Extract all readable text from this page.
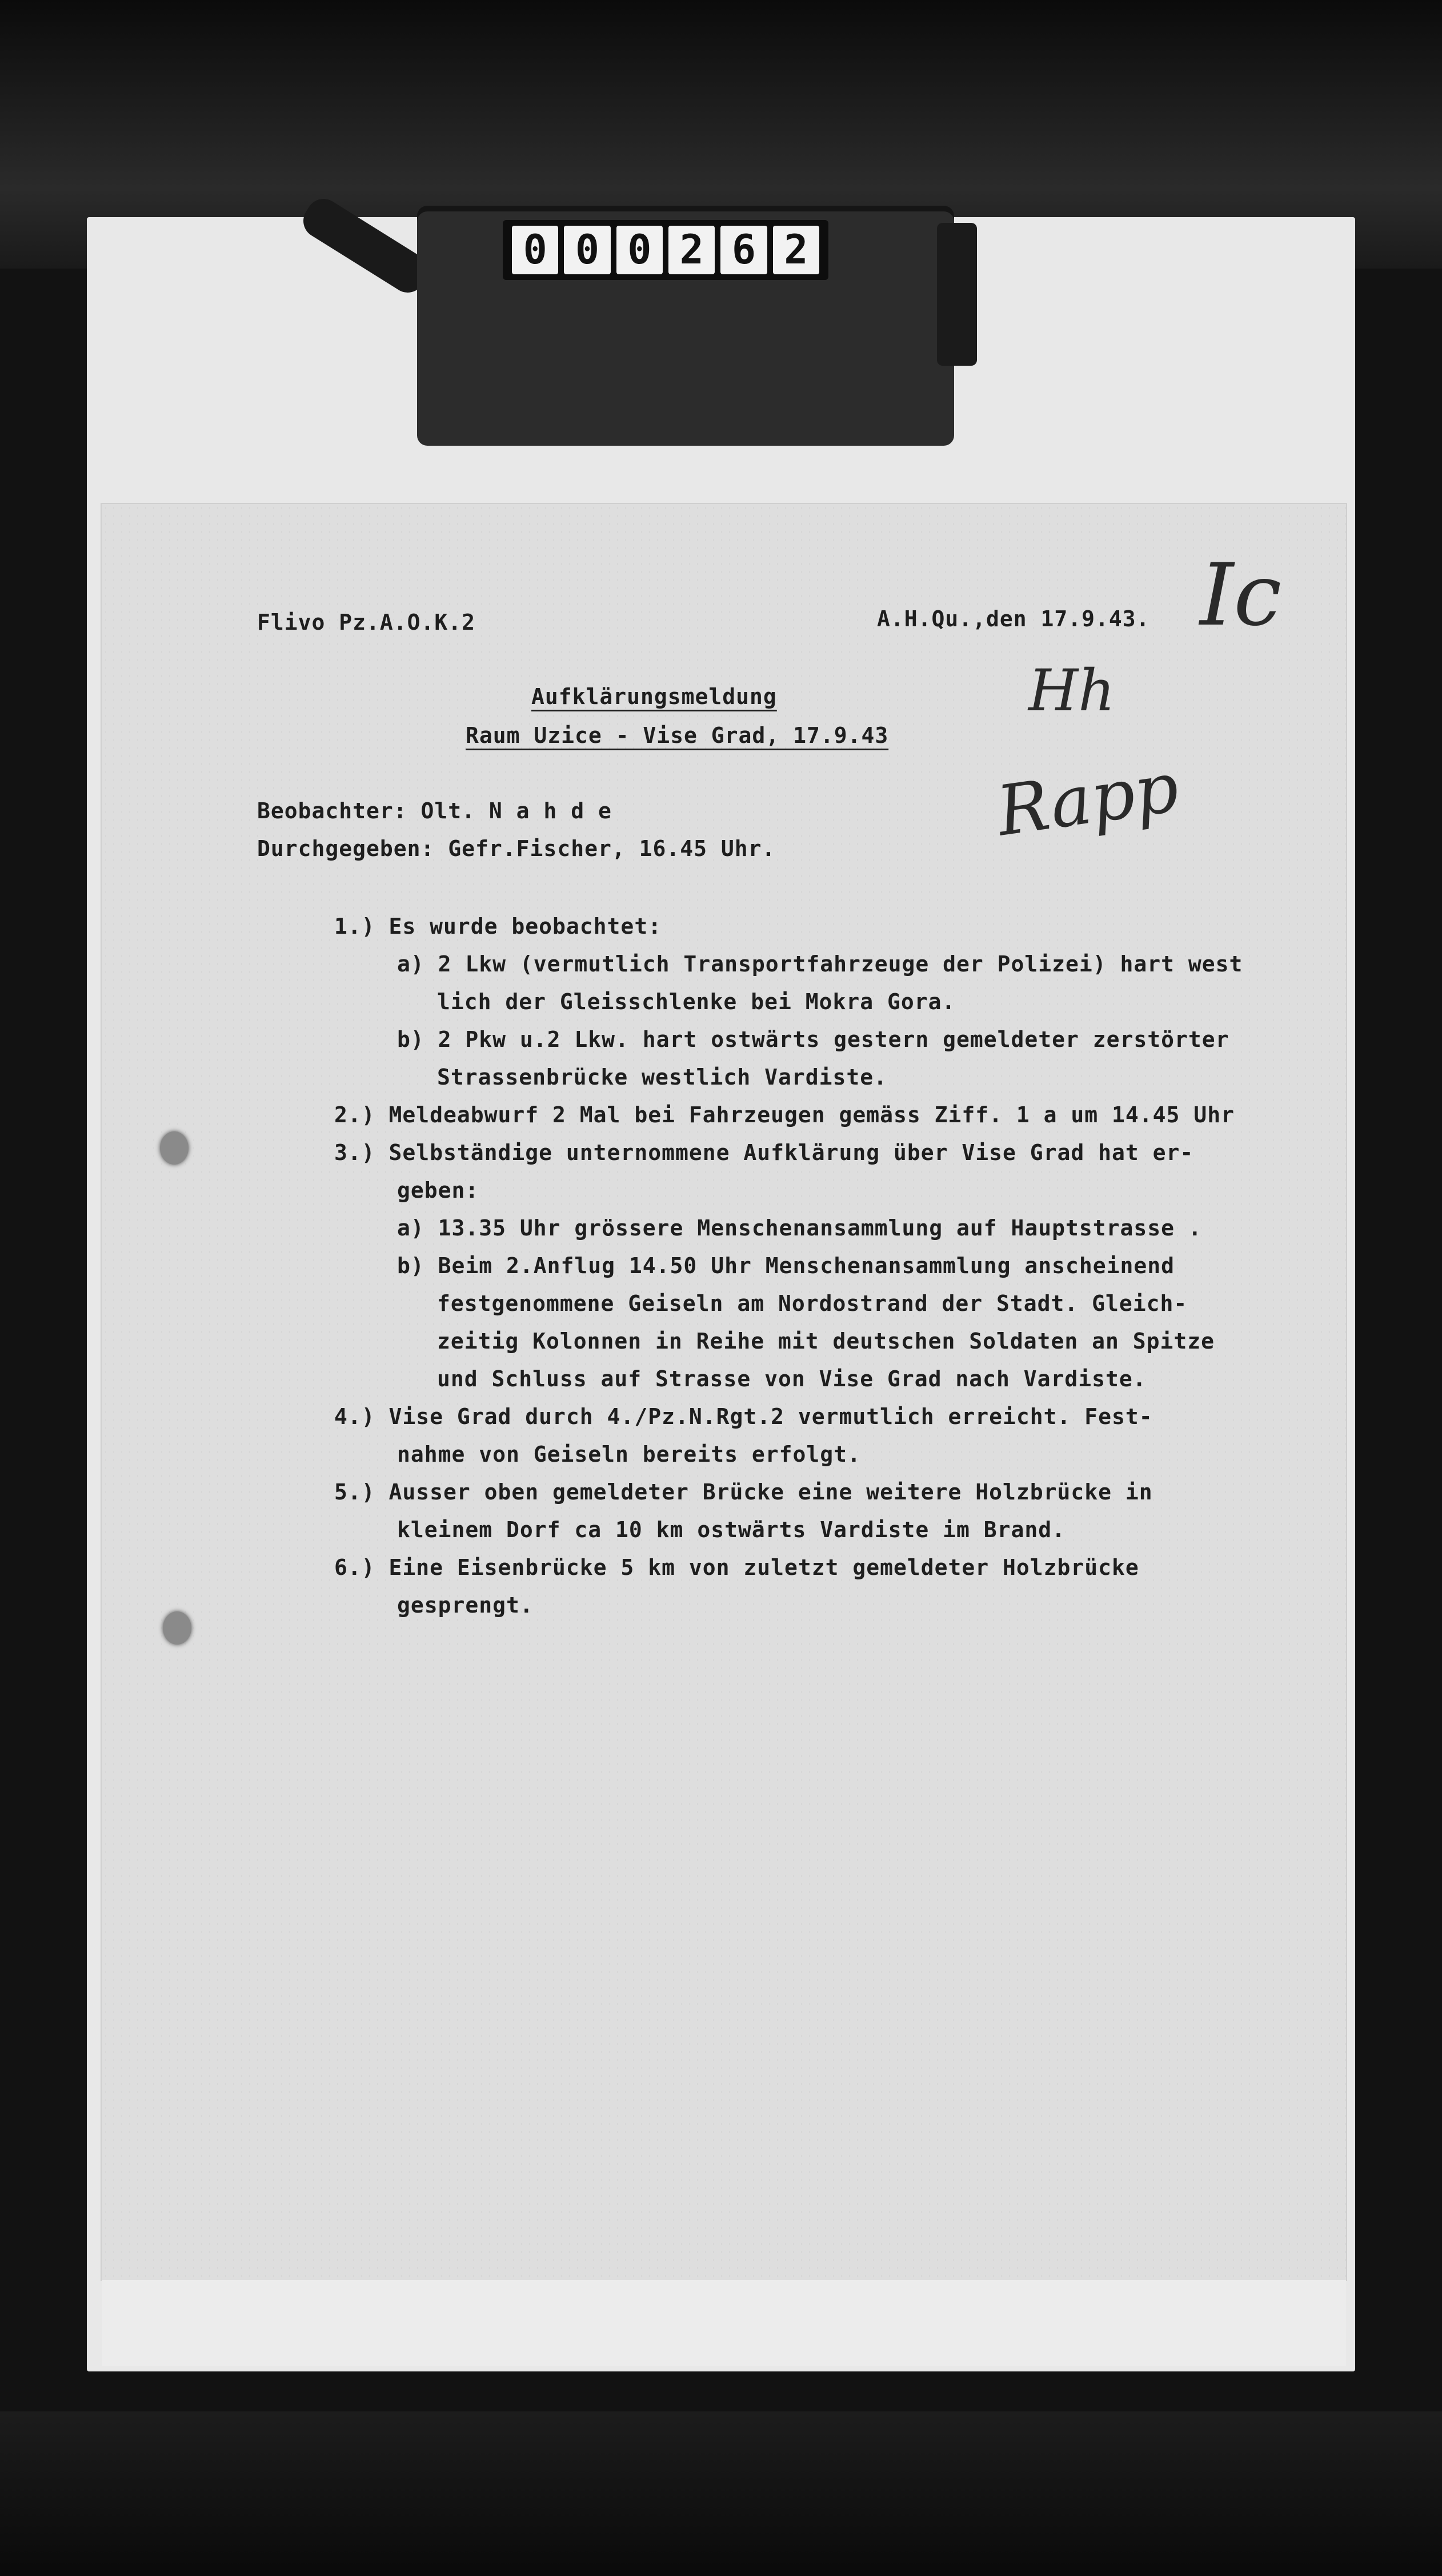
0 0 0 2 6 2

Flivo Pz.A.O.K.2	A.H.Qu.,den 17.9.43. Ic
Hh
Rapp

Aufklärungsmeldung

Raum Uzice - Vise Grad, 17.9.43

Beobachter: Olt. N a h d e

Durchgegeben: Gefr.Fischer, 16.45 Uhr.

1.) Es wurde beobachtet:

a) 2 Lkw (vermutlich Transportfahrzeuge der Polizei) hart west

lich der Gleisschlenke bei Mokra Gora.

b) 2 Pkw u.2 Lkw. hart ostwärts gestern gemeldeter zerstörter

Strassenbrücke westlich Vardiste.

2.) Meldeabwurf 2 Mal bei Fahrzeugen gemäss Ziff. 1 a um 14.45 Uhr

3.) Selbständige unternommene Aufklärung über Vise Grad hat er-

geben:

a) 13.35 Uhr grössere Menschenansammlung auf Hauptstrasse .

b) Beim 2.Anflug 14.50 Uhr Menschenansammlung anscheinend

festgenommene Geiseln am Nordostrand der Stadt. Gleich-

zeitig Kolonnen in Reihe mit deutschen Soldaten an Spitze

und Schluss auf Strasse von Vise Grad nach Vardiste.

4.) Vise Grad durch 4./Pz.N.Rgt.2 vermutlich erreicht. Fest-

nahme von Geiseln bereits erfolgt.

5.) Ausser oben gemeldeter Brücke eine weitere Holzbrücke in

kleinem Dorf ca 10 km ostwärts Vardiste im Brand.

6.) Eine Eisenbrücke 5 km von zuletzt gemeldeter Holzbrücke

gesprengt.
